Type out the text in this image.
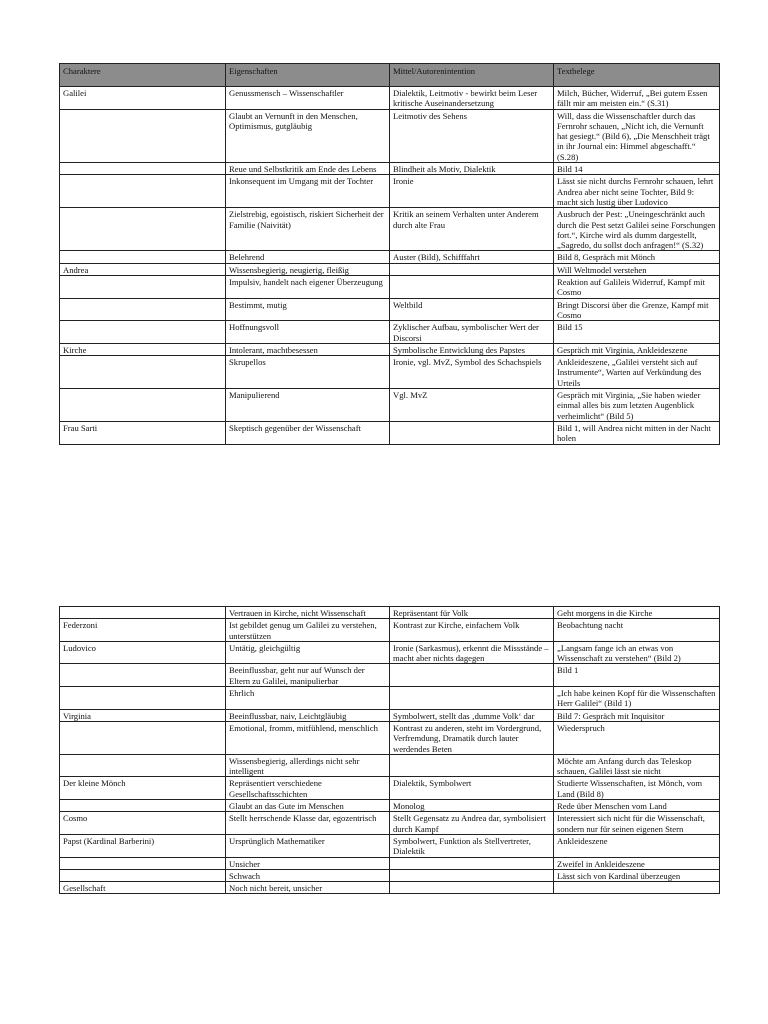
Charaktere	Eigenschaften	Mittel/Autorenintention	Textbelege
Galilei	Genussmensch – Wissenschaftler	Dialektik, Leitmotiv - bewirkt beim Leser kritische Auseinandersetzung	Milch, Bücher, Widerruf, „Bei gutem Essen fällt mir am meisten ein.“ (S.31)
	Glaubt an Vernunft in den Menschen, Optimismus, gutgläubig	Leitmotiv des Sehens	Will, dass die Wissenschaftler durch das Fernrohr schauen, „Nicht ich, die Vernunft hat gesiegt.“ (Bild 6), „Die Menschheit trägt in ihr Journal ein: Himmel abgeschafft.“ (S.28)
	Reue und Selbstkritik am Ende des Lebens	Blindheit als Motiv, Dialektik	Bild 14
	Inkonsequent im Umgang mit der Tochter	Ironie	Lässt sie nicht durchs Fernrohr schauen, lehrt Andrea aber nicht seine Tochter, Bild 9: macht sich lustig über Ludovico
	Zielstrebig, egoistisch, riskiert Sicherheit der Familie (Naivität)	Kritik an seinem Verhalten unter Anderem durch alte Frau	Ausbruch der Pest: „Uneingeschränkt auch durch die Pest setzt Galilei seine Forschungen fort.“, Kirche wird als dumm dargestellt, „Sagredo, du sollst doch anfragen!“ (S.32)
	Belehrend	Auster (Bild), Schifffahrt	Bild 8, Gespräch mit Mönch
Andrea	Wissensbegierig, neugierig, fleißig		Will Weltmodel verstehen
	Impulsiv, handelt nach eigener Überzeugung		Reaktion auf Galileis Widerruf, Kampf mit Cosmo
	Bestimmt, mutig	Weltbild	Bringt Discorsi über die Grenze, Kampf mit Cosmo
	Hoffnungsvoll	Zyklischer Aufbau, symbolischer Wert der Discorsi	Bild 15
Kirche	Intolerant, machtbesessen	Symbolische Entwicklung des Papstes	Gespräch mit Virginia, Ankleideszene
	Skrupellos	Ironie, vgl. MvZ, Symbol des Schachspiels	Ankleideszene, „Galilei versteht sich auf Instrumente“, Warten auf Verkündung des Urteils
	Manipulierend	Vgl. MvZ	Gespräch mit Virginia, „Sie haben wieder einmal alles bis zum letzten Augenblick verheimlicht“ (Bild 5)
Frau Sarti	Skeptisch gegenüber der Wissenschaft		Bild 1, will Andrea nicht mitten in der Nacht holen
	Vertrauen in Kirche, nicht Wissenschaft	Repräsentant für Volk	Geht morgens in die Kirche
Federzoni	Ist gebildet genug um Galilei zu verstehen, unterstützen	Kontrast zur Kirche, einfachem Volk	Beobachtung nacht
Ludovico	Untätig, gleichgültig	Ironie (Sarkasmus), erkennt die Missstände – macht aber nichts dagegen	„Langsam fange ich an etwas von Wissenschaft zu verstehen“ (Bild 2)
	Beeinflussbar, geht nur auf Wunsch der Eltern zu Galilei, manipulierbar		Bild 1
	Ehrlich		„Ich habe keinen Kopf für die Wissenschaften Herr Galilei“ (Bild 1)
Virginia	Beeinflussbar, naiv, Leichtgläubig	Symbolwert, stellt das ‚dumme Volk‘ dar	Bild 7: Gespräch mit Inquisitor
	Emotional, fromm, mitfühlend, menschlich	Kontrast zu anderen, steht im Vordergrund, Verfremdung, Dramatik durch lauter werdendes Beten	Wiederspruch
	Wissensbegierig, allerdings nicht sehr intelligent		Möchte am Anfang durch das Teleskop schauen, Galilei lässt sie nicht
Der kleine Mönch	Repräsentiert verschiedene Gesellschaftsschichten	Dialektik, Symbolwert	Studierte Wissenschaften, ist Mönch, vom Land (Bild 8)
	Glaubt an das Gute im Menschen	Monolog	Rede über Menschen vom Land
Cosmo	Stellt herrschende Klasse dar, egozentrisch	Stellt Gegensatz zu Andrea dar, symbolisiert durch Kampf	Interessiert sich nicht für die Wissenschaft, sondern nur für seinen eigenen Stern
Papst (Kardinal Barberini)	Ursprünglich Mathematiker	Symbolwert, Funktion als Stellvertreter, Dialektik	Ankleideszene
	Unsicher		Zweifel in Ankleideszene
	Schwach		Lässt sich von Kardinal überzeugen
Gesellschaft	Noch nicht bereit, unsicher		
